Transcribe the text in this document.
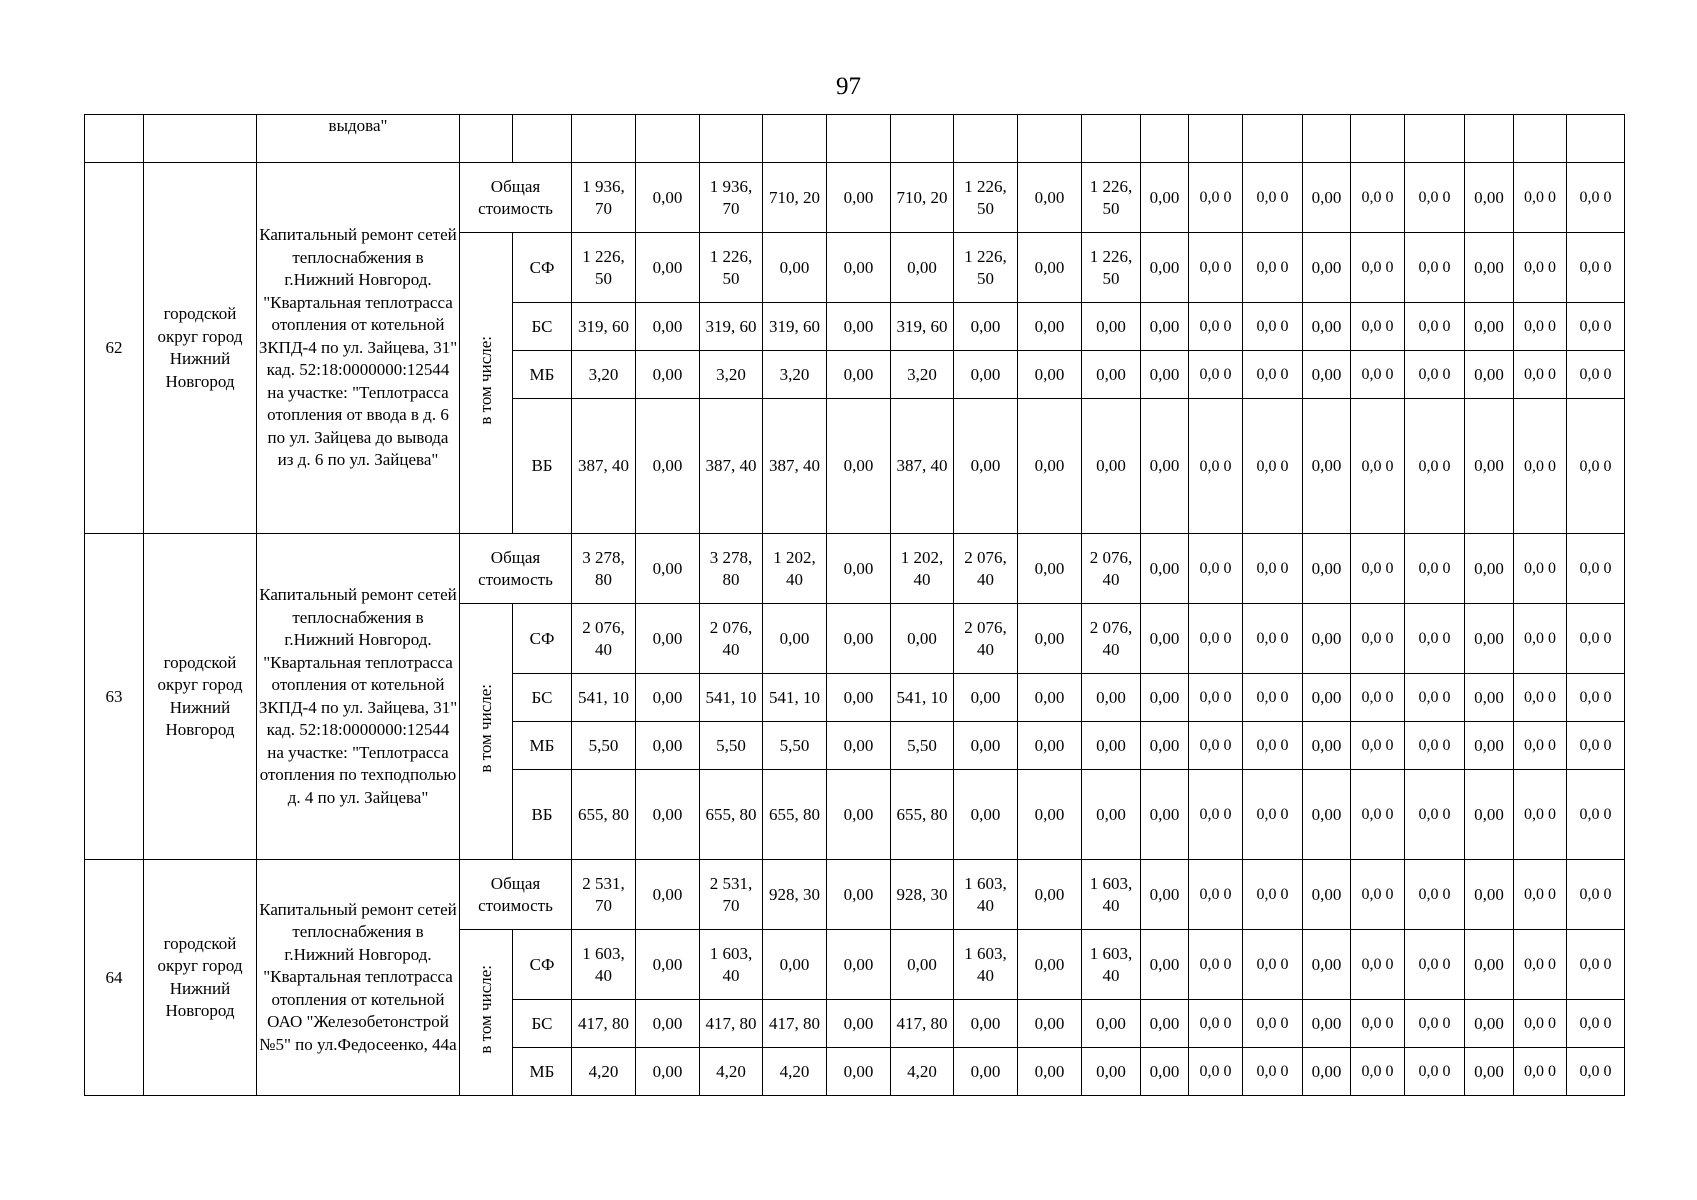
97
		выдова"																				
62	городской округ город Нижний Новгород	Капитальный ремонт сетей теплоснабжения в г.Нижний Новгород. "Квартальная теплотрасса отопления от котельной ЗКПД-4 по ул. Зайцева, 31" кад. 52:18:0000000:12544 на участке: "Теплотрасса отопления от ввода в д. 6 по ул. Зайцева до вывода из д. 6 по ул. Зайцева"	Общая стоимость		1 936, 70	0,00	1 936, 70	710, 20	0,00	710, 20	1 226, 50	0,00	1 226, 50	0,00	0,0 0	0,0 0	0,00	0,0 0	0,0 0	0,00	0,0 0	0,0 0
			в том числе:	СФ	1 226, 50	0,00	1 226, 50	0,00	0,00	0,00	1 226, 50	0,00	1 226, 50	0,00	0,0 0	0,0 0	0,00	0,0 0	0,0 0	0,00	0,0 0	0,0 0
				БС	319, 60	0,00	319, 60	319, 60	0,00	319, 60	0,00	0,00	0,00	0,00	0,0 0	0,0 0	0,00	0,0 0	0,0 0	0,00	0,0 0	0,0 0
				МБ	3,20	0,00	3,20	3,20	0,00	3,20	0,00	0,00	0,00	0,00	0,0 0	0,0 0	0,00	0,0 0	0,0 0	0,00	0,0 0	0,0 0
				ВБ	387, 40	0,00	387, 40	387, 40	0,00	387, 40	0,00	0,00	0,00	0,00	0,0 0	0,0 0	0,00	0,0 0	0,0 0	0,00	0,0 0	0,0 0
63	городской округ город Нижний Новгород	Капитальный ремонт сетей теплоснабжения в г.Нижний Новгород. "Квартальная теплотрасса отопления от котельной ЗКПД-4 по ул. Зайцева, 31" кад. 52:18:0000000:12544 на участке: "Теплотрасса отопления по техподполью д. 4 по ул. Зайцева"	Общая стоимость		3 278, 80	0,00	3 278, 80	1 202, 40	0,00	1 202, 40	2 076, 40	0,00	2 076, 40	0,00	0,0 0	0,0 0	0,00	0,0 0	0,0 0	0,00	0,0 0	0,0 0
			в том числе:	СФ	2 076, 40	0,00	2 076, 40	0,00	0,00	0,00	2 076, 40	0,00	2 076, 40	0,00	0,0 0	0,0 0	0,00	0,0 0	0,0 0	0,00	0,0 0	0,0 0
				БС	541, 10	0,00	541, 10	541, 10	0,00	541, 10	0,00	0,00	0,00	0,00	0,0 0	0,0 0	0,00	0,0 0	0,0 0	0,00	0,0 0	0,0 0
				МБ	5,50	0,00	5,50	5,50	0,00	5,50	0,00	0,00	0,00	0,00	0,0 0	0,0 0	0,00	0,0 0	0,0 0	0,00	0,0 0	0,0 0
				ВБ	655, 80	0,00	655, 80	655, 80	0,00	655, 80	0,00	0,00	0,00	0,00	0,0 0	0,0 0	0,00	0,0 0	0,0 0	0,00	0,0 0	0,0 0
64	городской округ город Нижний Новгород	Капитальный ремонт сетей теплоснабжения в г.Нижний Новгород. "Квартальная теплотрасса отопления от котельной ОАО "Железобетонстрой №5" по ул.Федосеенко, 44а	Общая стоимость		2 531, 70	0,00	2 531, 70	928, 30	0,00	928, 30	1 603, 40	0,00	1 603, 40	0,00	0,0 0	0,0 0	0,00	0,0 0	0,0 0	0,00	0,0 0	0,0 0
			в том числе:	СФ	1 603, 40	0,00	1 603, 40	0,00	0,00	0,00	1 603, 40	0,00	1 603, 40	0,00	0,0 0	0,0 0	0,00	0,0 0	0,0 0	0,00	0,0 0	0,0 0
				БС	417, 80	0,00	417, 80	417, 80	0,00	417, 80	0,00	0,00	0,00	0,00	0,0 0	0,0 0	0,00	0,0 0	0,0 0	0,00	0,0 0	0,0 0
				МБ	4,20	0,00	4,20	4,20	0,00	4,20	0,00	0,00	0,00	0,00	0,0 0	0,0 0	0,00	0,0 0	0,0 0	0,00	0,0 0	0,0 0
